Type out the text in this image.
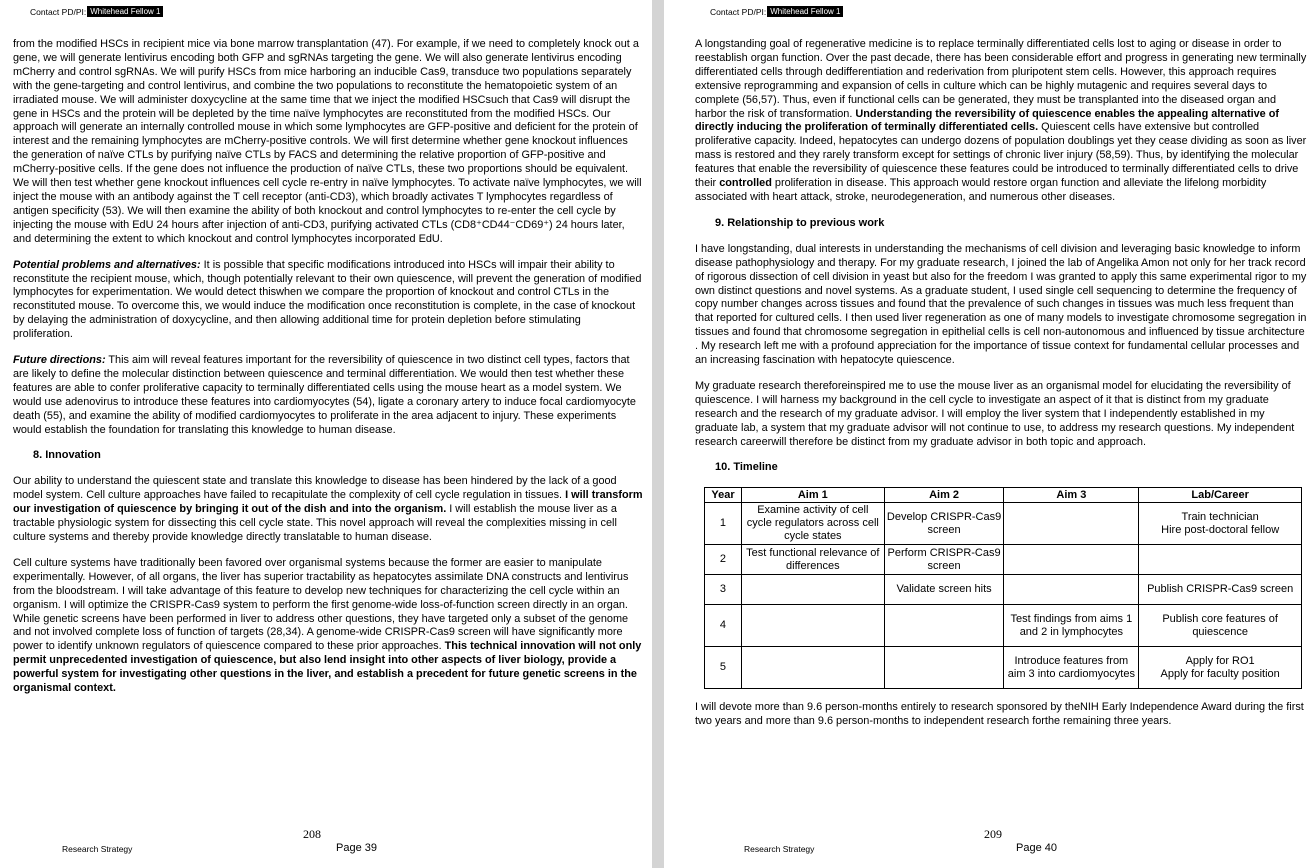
Contact PD/PI: Whitehead Fellow 1

from the modified HSCs in recipient mice via bone marrow transplantation (47). For example, if we need to completely knock out a gene, we will generate lentivirus encoding both GFP and sgRNAs targeting the gene. We will also generate lentivirus encoding mCherry and control sgRNAs. We will purify HSCs from mice harboring an inducible Cas9, transduce two populations separately with the gene-targeting and control lentivirus, and combine the two populations to reconstitute the hematopoietic system of an irradiated mouse. We will administer doxycycline at the same time that we inject the modified HSCsuch that Cas9 will disrupt the gene in HSCs and the protein will be depleted by the time naïve lymphocytes are reconstituted from the modified HSCs. Our approach will generate an internally controlled mouse in which some lymphocytes are GFP-positive and deficient for the protein of interest and the remaining lymphocytes are mCherry-positive controls. We will first determine whether gene knockout influences the generation of naïve CTLs by purifying naïve CTLs by FACS and determining the relative proportion of GFP-positive and mCherry-positive cells. If the gene does not influence the production of naïve CTLs, these two proportions should be equivalent. We will then test whether gene knockout influences cell cycle re-entry in naïve lymphocytes. To activate naïve lymphocytes, we will inject the mouse with an antibody against the T cell receptor (anti-CD3), which broadly activates T lymphocytes regardless of antigen specificity (53). We will then examine the ability of both knockout and control lymphocytes to re-enter the cell cycle by injecting the mouse with EdU 24 hours after injection of anti-CD3, purifying activated CTLs (CD8⁺CD44⁻CD69⁺) 24 hours later, and determining the extent to which knockout and control lymphocytes incorporated EdU.

Potential problems and alternatives: It is possible that specific modifications introduced into HSCs will impair their ability to reconstitute the recipient mouse, which, though potentially relevant to their own quiescence, will prevent the generation of modified lymphocytes for experimentation. We would detect thiswhen we compare the proportion of knockout and control CTLs in the reconstituted mouse. To overcome this, we would induce the modification once reconstitution is complete, in the case of knockout by delaying the administration of doxycycline, and then allowing additional time for protein depletion before stimulating proliferation.

Future directions: This aim will reveal features important for the reversibility of quiescence in two distinct cell types, factors that are likely to define the molecular distinction between quiescence and terminal differentiation. We would then test whether these features are able to confer proliferative capacity to terminally differentiated cells using the mouse heart as a model system. We would use adenovirus to introduce these features into cardiomyocytes (54), ligate a coronary artery to induce focal cardiomyocyte death (55), and examine the ability of modified cardiomyocytes to proliferate in the area adjacent to injury. These experiments would establish the foundation for translating this knowledge to human disease.

8. Innovation

Our ability to understand the quiescent state and translate this knowledge to disease has been hindered by the lack of a good model system. Cell culture approaches have failed to recapitulate the complexity of cell cycle regulation in tissues. I will transform our investigation of quiescence by bringing it out of the dish and into the organism. I will establish the mouse liver as a tractable physiologic system for dissecting this cell cycle state. This novel approach will reveal the complexities missing in cell culture systems and thereby provide knowledge directly translatable to human disease.

Cell culture systems have traditionally been favored over organismal systems because the former are easier to manipulate experimentally. However, of all organs, the liver has superior tractability as hepatocytes assimilate DNA constructs and lentivirus from the bloodstream. I will take advantage of this feature to develop new techniques for characterizing the cell cycle within an organism. I will optimize the CRISPR-Cas9 system to perform the first genome-wide loss-of-function screen directly in an organ. While genetic screens have been performed in liver to address other questions, they have targeted only a subset of the genome and not involved complete loss of function of targets (28,34). A genome-wide CRISPR-Cas9 screen will have significantly more power to identify unknown regulators of quiescence compared to these prior approaches. This technical innovation will not only permit unprecedented investigation of quiescence, but also lend insight into other aspects of liver biology, provide a powerful system for investigating other questions in the liver, and establish a precedent for future genetic screens in the organismal context.

208
Research Strategy	Page 39
Contact PD/PI: Whitehead Fellow 1

A longstanding goal of regenerative medicine is to replace terminally differentiated cells lost to aging or disease in order to reestablish organ function. Over the past decade, there has been considerable effort and progress in generating new terminally differentiated cells through dedifferentiation and rederivation from pluripotent stem cells. However, this approach requires extensive reprogramming and expansion of cells in culture which can be highly mutagenic and requires several days to complete (56,57). Thus, even if functional cells can be generated, they must be transplanted into the diseased organ and harbor the risk of transformation. Understanding the reversibility of quiescence enables the appealing alternative of directly inducing the proliferation of terminally differentiated cells. Quiescent cells have extensive but controlled proliferative capacity. Indeed, hepatocytes can undergo dozens of population doublings yet they cease dividing as soon as liver mass is restored and they rarely transform except for settings of chronic liver injury (58,59). Thus, by identifying the molecular features that enable the reversibility of quiescence these features could be introduced to terminally differentiated cells to drive their controlled proliferation in disease. This approach would restore organ function and alleviate the lifelong morbidity associated with heart attack, stroke, neurodegeneration, and numerous other diseases.

9. Relationship to previous work

I have longstanding, dual interests in understanding the mechanisms of cell division and leveraging basic knowledge to inform disease pathophysiology and therapy. For my graduate research, I joined the lab of Angelika Amon not only for her track record of rigorous dissection of cell division in yeast but also for the freedom I was granted to apply this same experimental rigor to my own distinct questions and novel systems. As a graduate student, I used single cell sequencing to determine the frequency of copy number changes across tissues and found that the prevalence of such changes in tissues was much less frequent than that reported for cultured cells. I then used liver regeneration as one of many models to investigate chromosome segregation in tissues and found that chromosome segregation in epithelial cells is cell non-autonomous and influenced by tissue architecture . My research left me with a profound appreciation for the importance of tissue context for fundamental cellular processes and an increasing fascination with hepatocyte quiescence.

My graduate research thereforeinspired me to use the mouse liver as an organismal model for elucidating the reversibility of quiescence. I will harness my background in the cell cycle to investigate an aspect of it that is distinct from my graduate research and the research of my graduate advisor. I will employ the liver system that I independently established in my graduate lab, a system that my graduate advisor will not continue to use, to address my research questions. My independent research careerwill therefore be distinct from my graduate advisor in both topic and approach.

10. Timeline
Year	Aim 1	Aim 2	Aim 3	Lab/Career
1	Examine activity of cell cycle regulators across cell cycle states	Develop CRISPR-Cas9 screen		Train technician
Hire post-doctoral fellow
2	Test functional relevance of differences	Perform CRISPR-Cas9 screen		
3		Validate screen hits		Publish CRISPR-Cas9 screen
4			Test findings from aims 1 and 2 in lymphocytes	Publish core features of quiescence
5			Introduce features from aim 3 into cardiomyocytes	Apply for RO1
Apply for faculty position

I will devote more than 9.6 person-months entirely to research sponsored by theNIH Early Independence Award during the first two years and more than 9.6 person-months to independent research forthe remaining three years.

209
Research Strategy	Page 40
